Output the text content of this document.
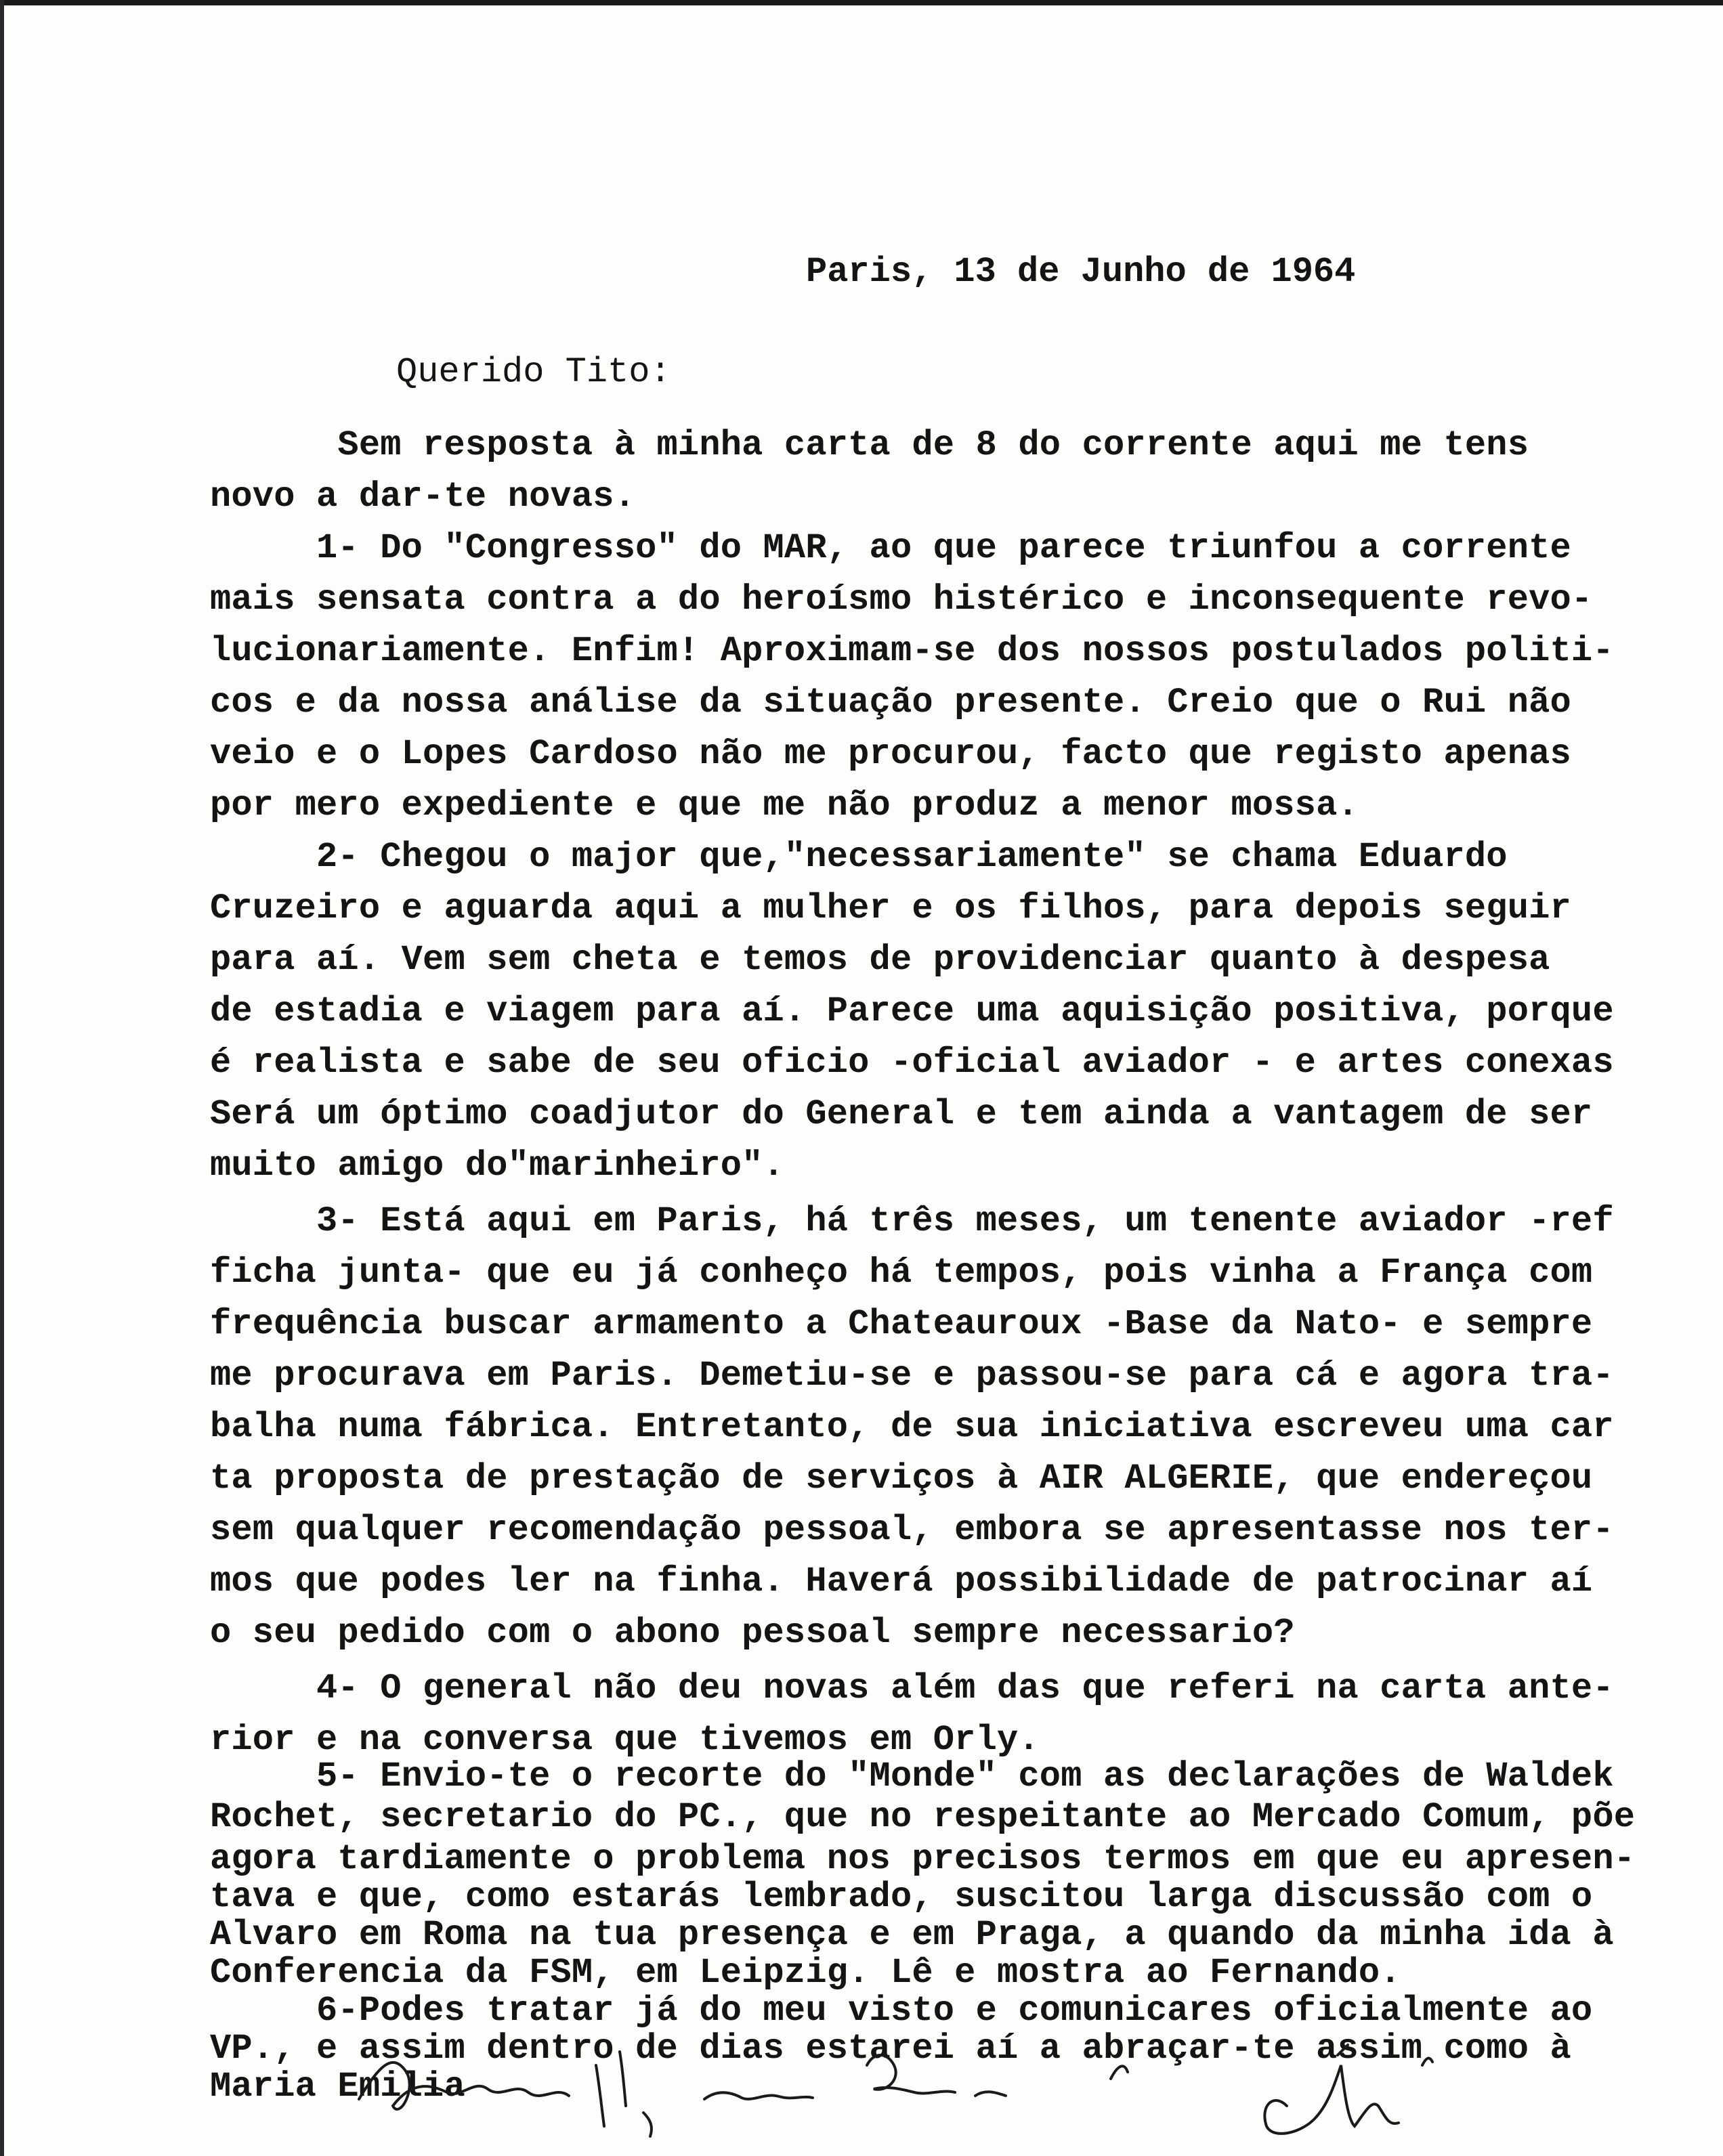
Paris, 13 de Junho de 1964
Querido Tito:

Sem resposta à minha carta de 8 do corrente aqui me tens

novo a dar-te novas.

1- Do "Congresso" do MAR, ao que parece triunfou a corrente

mais sensata contra a do heroísmo histérico e inconsequente revo-

lucionariamente. Enfim! Aproximam-se dos nossos postulados politi-

cos e da nossa análise da situação presente. Creio que o Rui não

veio e o Lopes Cardoso não me procurou, facto que registo apenas

por mero expediente e que me não produz a menor mossa.

2- Chegou o major que,"necessariamente" se chama Eduardo

Cruzeiro e aguarda aqui a mulher e os filhos, para depois seguir

para aí. Vem sem cheta e temos de providenciar quanto à despesa

de estadia e viagem para aí. Parece uma aquisição positiva, porque

é realista e sabe de seu oficio -oficial aviador - e artes conexas

Será um óptimo coadjutor do General e tem ainda a vantagem de ser

muito amigo do"marinheiro".

3- Está aqui em Paris, há três meses, um tenente aviador -ref

ficha junta- que eu já conheço há tempos, pois vinha a França com

frequência buscar armamento a Chateauroux -Base da Nato- e sempre

me procurava em Paris. Demetiu-se e passou-se para cá e agora tra-

balha numa fábrica. Entretanto, de sua iniciativa escreveu uma car

ta proposta de prestação de serviços à AIR ALGERIE, que endereçou

sem qualquer recomendação pessoal, embora se apresentasse nos ter-

mos que podes ler na finha. Haverá possibilidade de patrocinar aí

o seu pedido com o abono pessoal sempre necessario?

4- O general não deu novas além das que referi na carta ante-

rior e na conversa que tivemos em Orly.

5- Envio-te o recorte do "Monde" com as declarações de Waldek

Rochet, secretario do PC., que no respeitante ao Mercado Comum, põe

agora tardiamente o problema nos precisos termos em que eu apresen-

tava e que, como estarás lembrado, suscitou larga discussão com o

Alvaro em Roma na tua presença e em Praga, a quando da minha ida à

Conferencia da FSM, em Leipzig. Lê e mostra ao Fernando.

6-Podes tratar já do meu visto e comunicares oficialmente ao

VP., e assim dentro de dias estarei aí a abraçar-te assim como à

Maria Emilia
